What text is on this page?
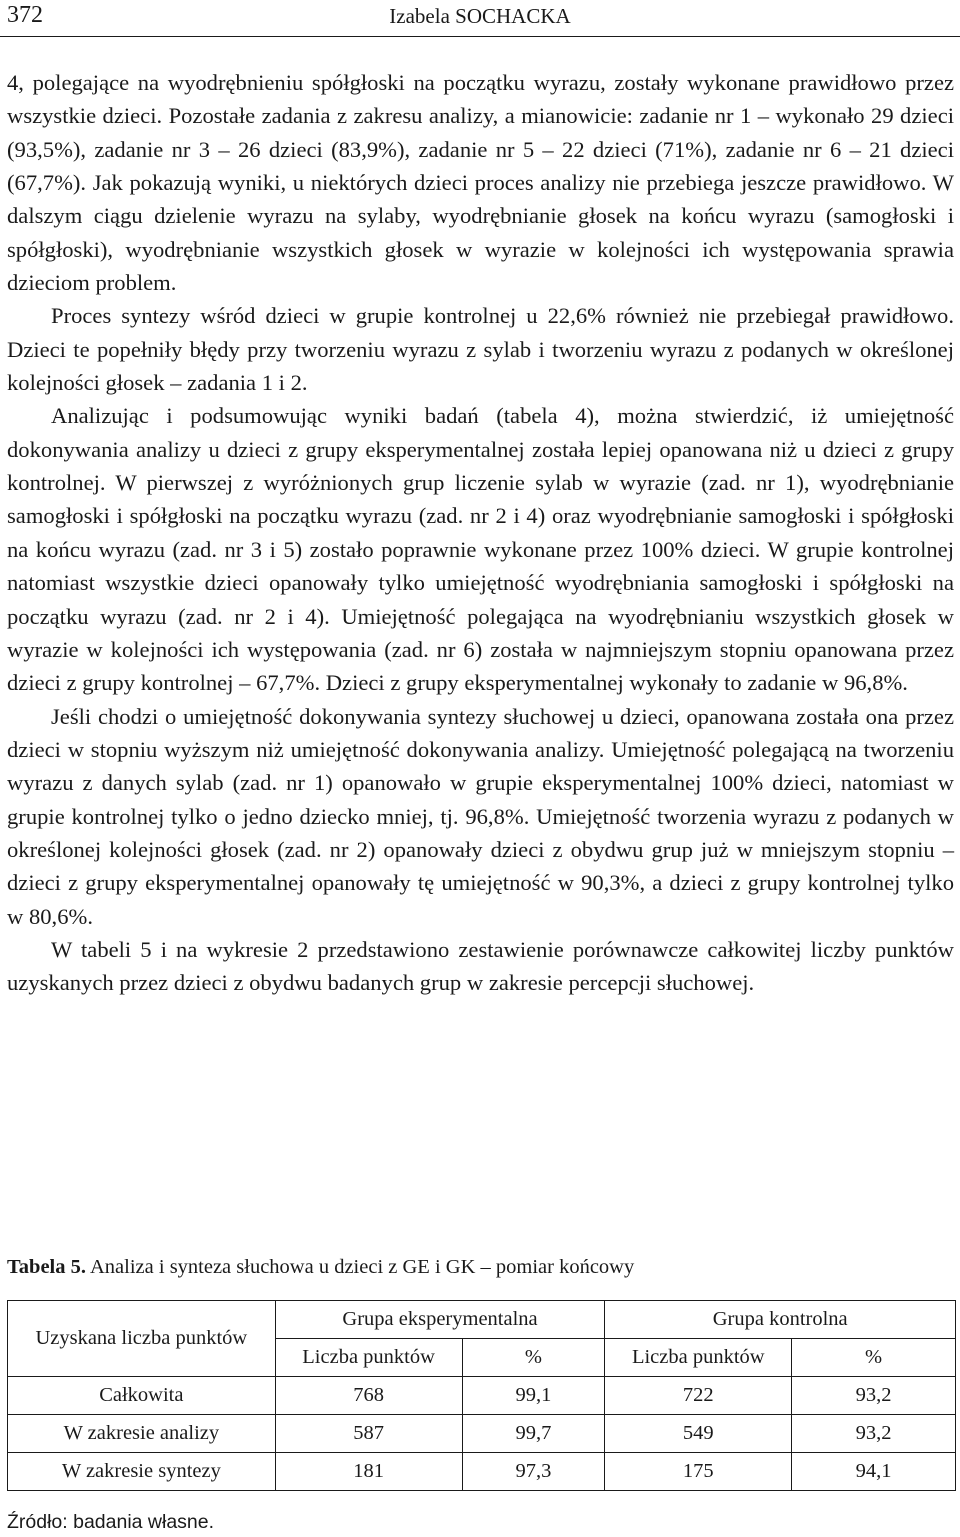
372	Izabela SOCHACKA

4, polegające na wyodrębnieniu spółgłoski na początku wyrazu, zostały wykonane prawidłowo przez wszystkie dzieci. Pozostałe zadania z zakresu analizy, a mianowicie: zadanie nr 1 – wykonało 29 dzieci (93,5%), zadanie nr 3 – 26 dzieci (83,9%), zadanie nr 5 – 22 dzieci (71%), zadanie nr 6 – 21 dzieci (67,7%). Jak pokazują wyniki, u niektórych dzieci proces analizy nie przebiega jeszcze prawidłowo. W dalszym ciągu dzielenie wyrazu na sylaby, wyodrębnianie głosek na końcu wyrazu (samogłoski i spółgłoski), wyodrębnianie wszystkich głosek w wyrazie w kolejności ich występowania sprawia dzieciom problem.

Proces syntezy wśród dzieci w grupie kontrolnej u 22,6% również nie przebiegał prawidłowo. Dzieci te popełniły błędy przy tworzeniu wyrazu z sylab i tworzeniu wyrazu z podanych w określonej kolejności głosek – zadania 1 i 2.

Analizując i podsumowując wyniki badań (tabela 4), można stwierdzić, iż umiejętność dokonywania analizy u dzieci z grupy eksperymentalnej została lepiej opanowana niż u dzieci z grupy kontrolnej. W pierwszej z wyróżnionych grup liczenie sylab w wyrazie (zad. nr 1), wyodrębnianie samogłoski i spółgłoski na początku wyrazu (zad. nr 2 i 4) oraz wyodrębnianie samogłoski i spółgłoski na końcu wyrazu (zad. nr 3 i 5) zostało poprawnie wykonane przez 100% dzieci. W grupie kontrolnej natomiast wszystkie dzieci opanowały tylko umiejętność wyodrębniania samogłoski i spółgłoski na początku wyrazu (zad. nr 2 i 4). Umiejętność polegająca na wyodrębnianiu wszystkich głosek w wyrazie w kolejności ich występowania (zad. nr 6) została w najmniejszym stopniu opanowana przez dzieci z grupy kontrolnej – 67,7%. Dzieci z grupy eksperymentalnej wykonały to zadanie w 96,8%.

Jeśli chodzi o umiejętność dokonywania syntezy słuchowej u dzieci, opanowana została ona przez dzieci w stopniu wyższym niż umiejętność dokonywania analizy. Umiejętność polegającą na tworzeniu wyrazu z danych sylab (zad. nr 1) opanowało w grupie eksperymentalnej 100% dzieci, natomiast w grupie kontrolnej tylko o jedno dziecko mniej, tj. 96,8%. Umiejętność tworzenia wyrazu z podanych w określonej kolejności głosek (zad. nr 2) opanowały dzieci z obydwu grup już w mniejszym stopniu – dzieci z grupy eksperymentalnej opanowały tę umiejętność w 90,3%, a dzieci z grupy kontrolnej tylko w 80,6%.

W tabeli 5 i na wykresie 2 przedstawiono zestawienie porównawcze całkowitej liczby punktów uzyskanych przez dzieci z obydwu badanych grup w zakresie percepcji słuchowej.

Tabela 5. Analiza i synteza słuchowa u dzieci z GE i GK – pomiar końcowy
Uzyskana liczba punktów	Grupa eksperymentalna		Grupa kontrolna	
	Liczba punktów	%	Liczba punktów	%
Całkowita	768	99,1	722	93,2
W zakresie analizy	587	99,7	549	93,2
W zakresie syntezy	181	97,3	175	94,1
Źródło: badania własne.
